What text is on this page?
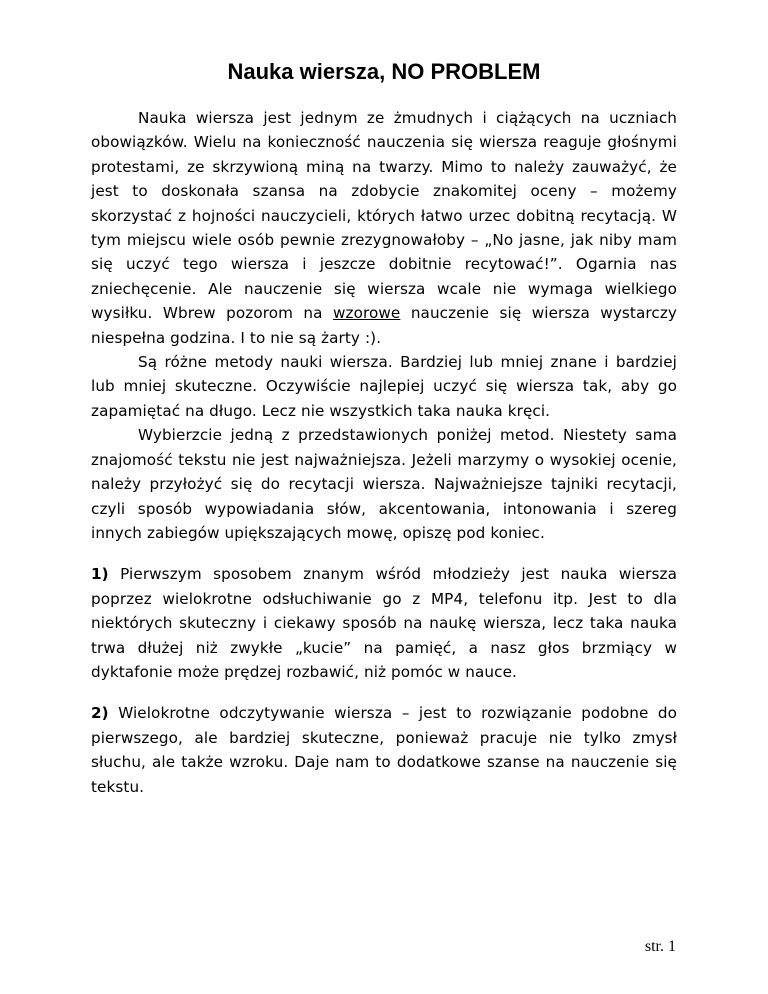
Nauka wiersza, NO PROBLEM

Nauka wiersza jest jednym ze żmudnych i ciążących na uczniach obowiązków. Wielu na konieczność nauczenia się wiersza reaguje głośnymi protestami, ze skrzywioną miną na twarzy. Mimo to należy zauważyć, że jest to doskonała szansa na zdobycie znakomitej oceny – możemy skorzystać z hojności nauczycieli, których łatwo urzec dobitną recytacją. W tym miejscu wiele osób pewnie zrezygnowałoby – „No jasne, jak niby mam się uczyć tego wiersza i jeszcze dobitnie recytować!”. Ogarnia nas zniechęcenie. Ale nauczenie się wiersza wcale nie wymaga wielkiego wysiłku. Wbrew pozorom na wzorowe nauczenie się wiersza wystarczy niespełna godzina. I to nie są żarty :).

Są różne metody nauki wiersza. Bardziej lub mniej znane i bardziej lub mniej skuteczne. Oczywiście najlepiej uczyć się wiersza tak, aby go zapamiętać na długo. Lecz nie wszystkich taka nauka kręci.

Wybierzcie jedną z przedstawionych poniżej metod. Niestety sama znajomość tekstu nie jest najważniejsza. Jeżeli marzymy o wysokiej ocenie, należy przyłożyć się do recytacji wiersza. Najważniejsze tajniki recytacji, czyli sposób wypowiadania słów, akcentowania, intonowania i szereg innych zabiegów upiększających mowę, opiszę pod koniec.

1) Pierwszym sposobem znanym wśród młodzieży jest nauka wiersza poprzez wielokrotne odsłuchiwanie go z MP4, telefonu itp. Jest to dla niektórych skuteczny i ciekawy sposób na naukę wiersza, lecz taka nauka trwa dłużej niż zwykłe „kucie” na pamięć, a nasz głos brzmiący w dyktafonie może prędzej rozbawić, niż pomóc w nauce.

2) Wielokrotne odczytywanie wiersza – jest to rozwiązanie podobne do pierwszego, ale bardziej skuteczne, ponieważ pracuje nie tylko zmysł słuchu, ale także wzroku. Daje nam to dodatkowe szanse na nauczenie się tekstu.

str. 1
